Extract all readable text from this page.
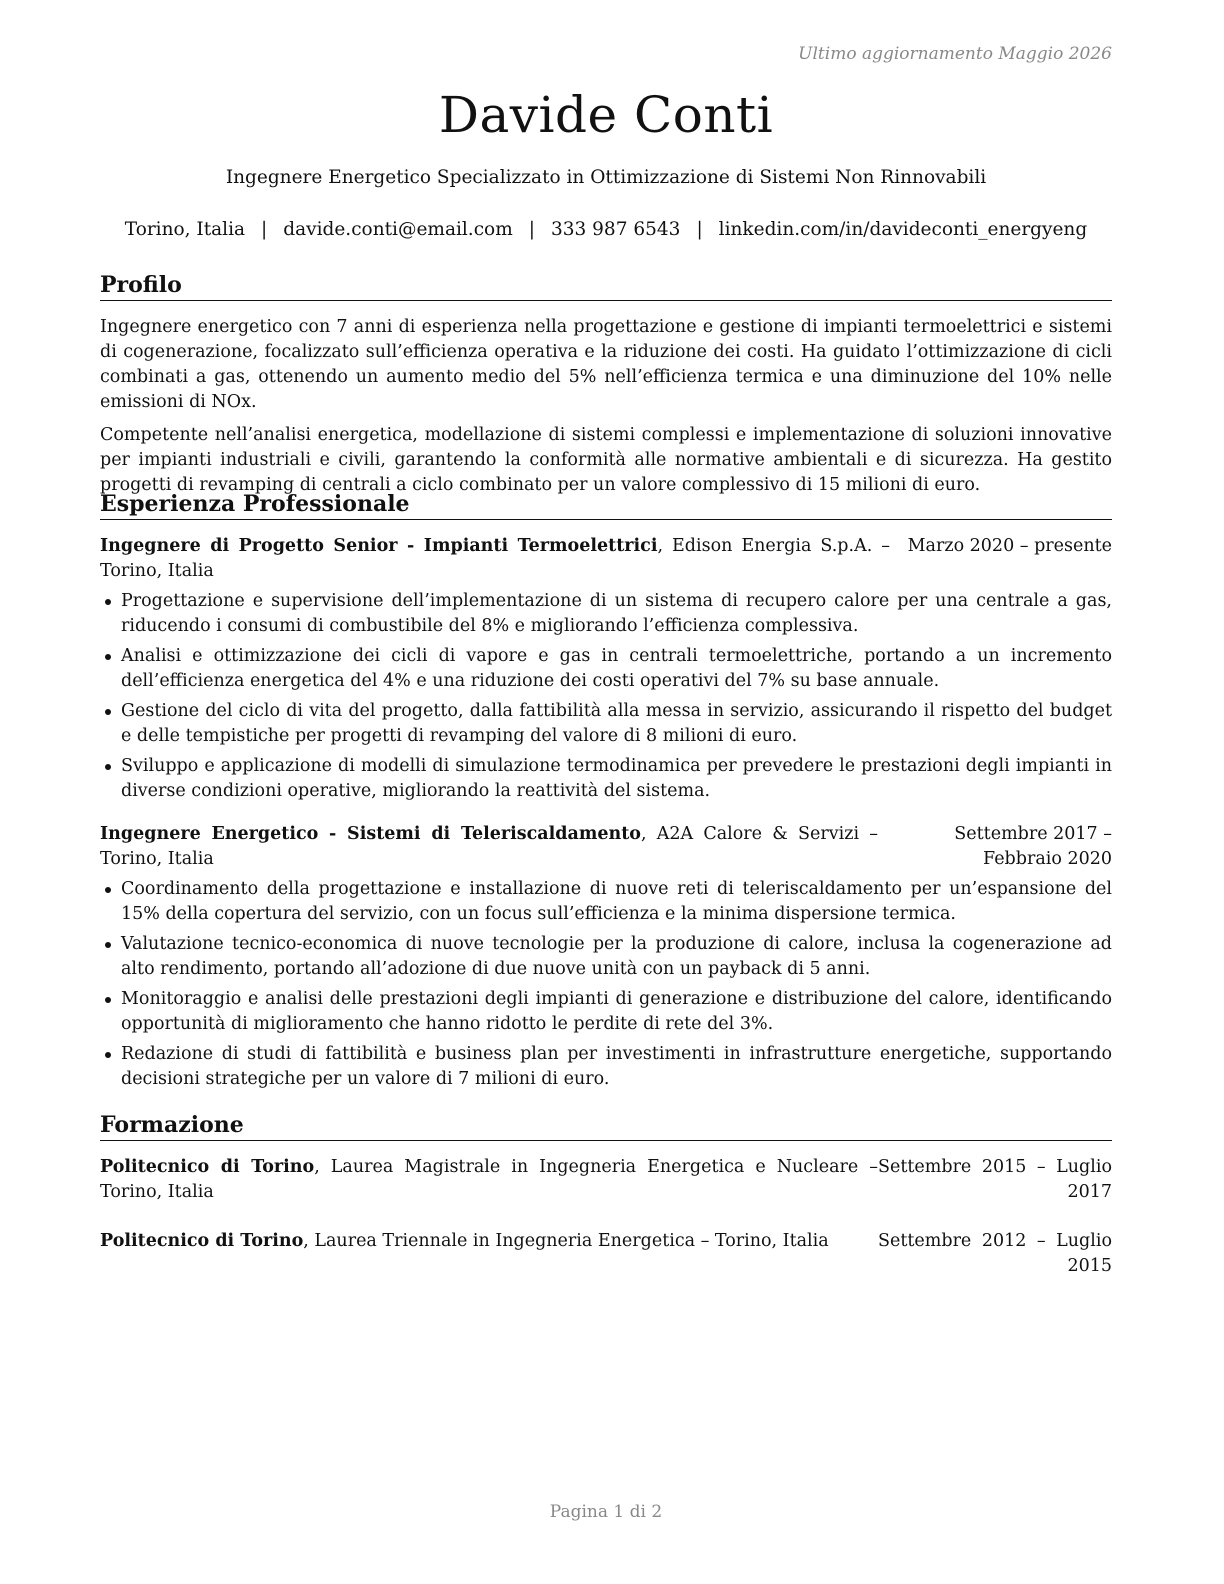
Ultimo aggiornamento Maggio 2026
Davide Conti
Ingegnere Energetico Specializzato in Ottimizzazione di Sistemi Non Rinnovabili
Torino, Italia | davide.conti@email.com | 333 987 6543 | linkedin.com/in/davideconti_energyeng
Profilo

Ingegnere energetico con 7 anni di esperienza nella progettazione e gestione di impianti termoelettrici e sistemi di cogenerazione, focalizzato sull’efficienza operativa e la riduzione dei costi. Ha guidato l’ottimizzazione di cicli combinati a gas, ottenendo un aumento medio del 5% nell’efficienza termica e una diminuzione del 10% nelle emissioni di NOx.

Competente nell’analisi energetica, modellazione di sistemi complessi e implementazione di soluzioni innovative per impianti industriali e civili, garantendo la conformità alle normative ambientali e di sicurezza. Ha gestito progetti di revamping di centrali a ciclo combinato per un valore complessivo di 15 milioni di euro.

Esperienza Professionale
Ingegnere di Progetto Senior - Impianti Termoelettrici, Edison Energia S.p.A. – Torino, Italia
Marzo 2020 – presente
Progettazione e supervisione dell’implementazione di un sistema di recupero calore per una centrale a gas, riducendo i consumi di combustibile del 8% e migliorando l’efficienza complessiva.
Analisi e ottimizzazione dei cicli di vapore e gas in centrali termoelettriche, portando a un incremento dell’efficienza energetica del 4% e una riduzione dei costi operativi del 7% su base annuale.
Gestione del ciclo di vita del progetto, dalla fattibilità alla messa in servizio, assicurando il rispetto del budget e delle tempistiche per progetti di revamping del valore di 8 milioni di euro.
Sviluppo e applicazione di modelli di simulazione termodinamica per prevedere le prestazioni degli impianti in diverse condizioni operative, migliorando la reattività del sistema.
Ingegnere Energetico - Sistemi di Teleriscaldamento, A2A Calore & Servizi – Torino, Italia
Settembre 2017 – Febbraio 2020
Coordinamento della progettazione e installazione di nuove reti di teleriscaldamento per un’espansione del 15% della copertura del servizio, con un focus sull’efficienza e la minima dispersione termica.
Valutazione tecnico-economica di nuove tecnologie per la produzione di calore, inclusa la cogenerazione ad alto rendimento, portando all’adozione di due nuove unità con un payback di 5 anni.
Monitoraggio e analisi delle prestazioni degli impianti di generazione e distribuzione del calore, identificando opportunità di miglioramento che hanno ridotto le perdite di rete del 3%.
Redazione di studi di fattibilità e business plan per investimenti in infrastrutture energetiche, supportando decisioni strategiche per un valore di 7 milioni di euro.
Formazione
Politecnico di Torino, Laurea Magistrale in Ingegneria Energetica e Nucleare – Torino, Italia
Settembre 2015 – Luglio 2017
Politecnico di Torino, Laurea Triennale in Ingegneria Energetica – Torino, Italia	Settembre 2012 – Luglio 2015
Pagina 1 di 2
